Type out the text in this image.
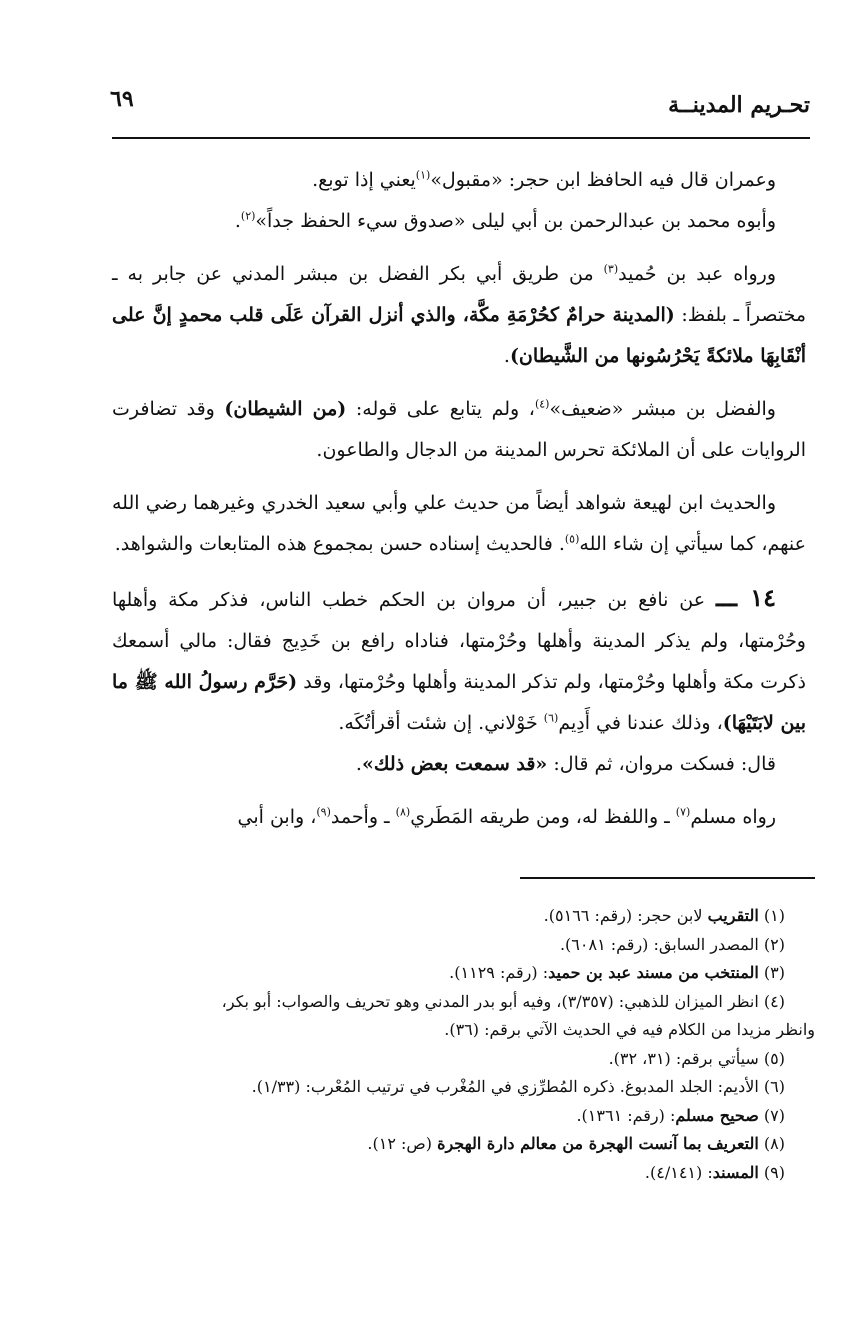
تحـريم المدينــة
٦٩

وعمران قال فيه الحافظ ابن حجر: «مقبول»$^{(١)}$يعني إذا توبع.

وأبوه محمد بن عبدالرحمن بن أبي ليلى «صدوق سيء الحفظ جداً»$^{(٢)}$.

ورواه عبد بن حُميد$^{(٣)}$ من طريق أبي بكر الفضل بن مبشر المدني عن جابر به ـ مختصراً ـ بلفظ: (المدينة حرامٌ كحُرْمَةِ مكَّة، والذي أنزل القرآن عَلَى قلب محمدٍ إنَّ على أنْقَابِهَا ملائكةً يَحْرُسُونها من الشَّيطان).

والفضل بن مبشر «ضعيف»$^{(٤)}$، ولم يتابع على قوله: (من الشيطان) وقد تضافرت الروايات على أن الملائكة تحرس المدينة من الدجال والطاعون.

والحديث ابن لهيعة شواهد أيضاً من حديث علي وأبي سعيد الخدري وغيرهما رضي الله عنهم، كما سيأتي إن شاء الله$^{(٥)}$. فالحديث إسناده حسن بمجموع هذه المتابعات والشواهد.

١٤ ـــ عن نافع بن جبير، أن مروان بن الحكم خطب الناس، فذكر مكة وأهلها وحُرْمتها، ولم يذكر المدينة وأهلها وحُرْمتها، فناداه رافع بن خَدِيج فقال: مالي أسمعك ذكرت مكة وأهلها وحُرْمتها، ولم تذكر المدينة وأهلها وحُرْمتها، وقد (حَرَّم رسولُ الله ﷺ ما بين لابَتَيْهَا)، وذلك عندنا في أَدِيم$^{(٦)}$ خَوْلاني. إن شئت أقرأتُكَه.

قال: فسكت مروان، ثم قال: «قد سمعت بعض ذلك».

رواه مسلم$^{(٧)}$ ـ واللفظ له، ومن طريقه المَطَري$^{(٨)}$ ـ وأحمد$^{(٩)}$، وابن أبي

(١) التقريب لابن حجر: (رقم: ٥١٦٦).

(٢) المصدر السابق: (رقم: ٦٠٨١).

(٣) المنتخب من مسند عبد بن حميد: (رقم: ١١٢٩).

(٤) انظر الميزان للذهبي: (٣/٣٥٧)، وفيه أبو بدر المدني وهو تحريف والصواب: أبو بكر،

وانظر مزيدا من الكلام فيه في الحديث الآتي برقم: (٣٦).

(٥) سيأتي برقم: (٣١، ٣٢).

(٦) الأديم: الجلد المدبوغ. ذكره المُطرِّزي في المُغْرب في ترتيب المُعْرب: (١/٣٣).

(٧) صحيح مسلم: (رقم: ١٣٦١).

(٨) التعريف بما آنست الهجرة من معالم دارة الهجرة (ص: ١٢).

(٩) المسند: (٤/١٤١).
